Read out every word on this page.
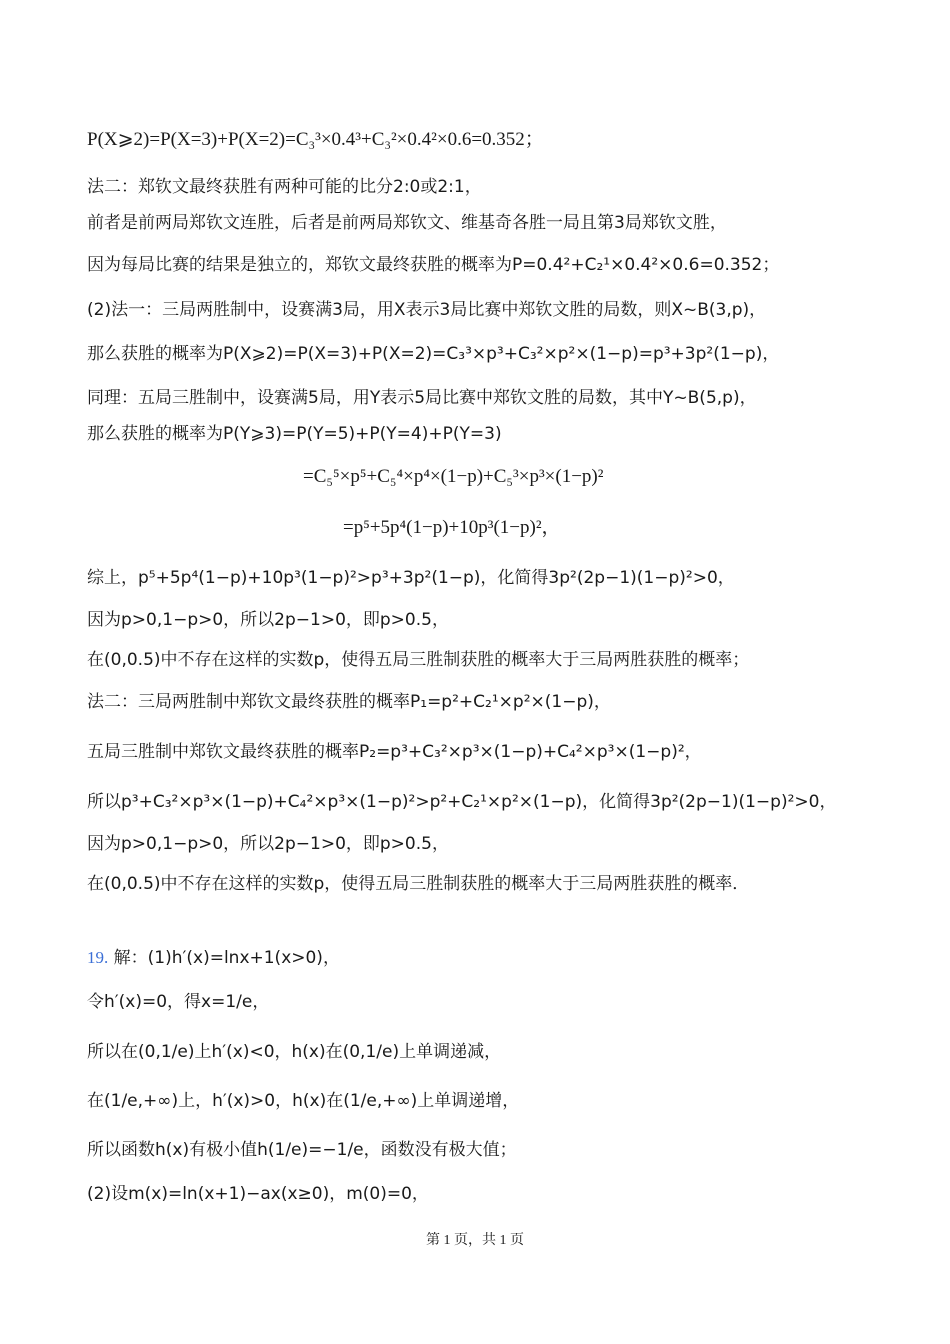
P(X⩾2)=P(X=3)+P(X=2)=C₃³×0.4³+C₃²×0.4²×0.6=0.352；
法二：郑钦文最终获胜有两种可能的比分2:0或2:1，
前者是前两局郑钦文连胜，后者是前两局郑钦文、维基奇各胜一局且第3局郑钦文胜，
因为每局比赛的结果是独立的，郑钦文最终获胜的概率为P=0.4²+C₂¹×0.4²×0.6=0.352；
(2)法一：三局两胜制中，设赛满3局，用X表示3局比赛中郑钦文胜的局数，则X~B(3,p)，
那么获胜的概率为P(X⩾2)=P(X=3)+P(X=2)=C₃³×p³+C₃²×p²×(1−p)=p³+3p²(1−p)，
同理：五局三胜制中，设赛满5局，用Y表示5局比赛中郑钦文胜的局数，其中Y~B(5,p)，
那么获胜的概率为P(Y⩾3)=P(Y=5)+P(Y=4)+P(Y=3)
=C₅⁵×p⁵+C₅⁴×p⁴×(1−p)+C₅³×p³×(1−p)²
=p⁵+5p⁴(1−p)+10p³(1−p)²，
综上，p⁵+5p⁴(1−p)+10p³(1−p)²>p³+3p²(1−p)，化简得3p²(2p−1)(1−p)²>0，
因为p>0,1−p>0，所以2p−1>0，即p>0.5，
在(0,0.5)中不存在这样的实数p，使得五局三胜制获胜的概率大于三局两胜获胜的概率；
法二：三局两胜制中郑钦文最终获胜的概率P₁=p²+C₂¹×p²×(1−p)，
五局三胜制中郑钦文最终获胜的概率P₂=p³+C₃²×p³×(1−p)+C₄²×p³×(1−p)²，
所以p³+C₃²×p³×(1−p)+C₄²×p³×(1−p)²>p²+C₂¹×p²×(1−p)，化简得3p²(2p−1)(1−p)²>0，
因为p>0,1−p>0，所以2p−1>0，即p>0.5，
在(0,0.5)中不存在这样的实数p，使得五局三胜制获胜的概率大于三局两胜获胜的概率．
19. 解：(1)h′(x)=lnx+1(x>0)，
令h′(x)=0，得x=1/e，
所以在(0,1/e)上h′(x)<0，h(x)在(0,1/e)上单调递减，
在(1/e,+∞)上，h′(x)>0，h(x)在(1/e,+∞)上单调递增，
所以函数h(x)有极小值h(1/e)=−1/e，函数没有极大值；
(2)设m(x)=ln(x+1)−ax(x≥0)，m(0)=0，
第 1 页，共 1 页
